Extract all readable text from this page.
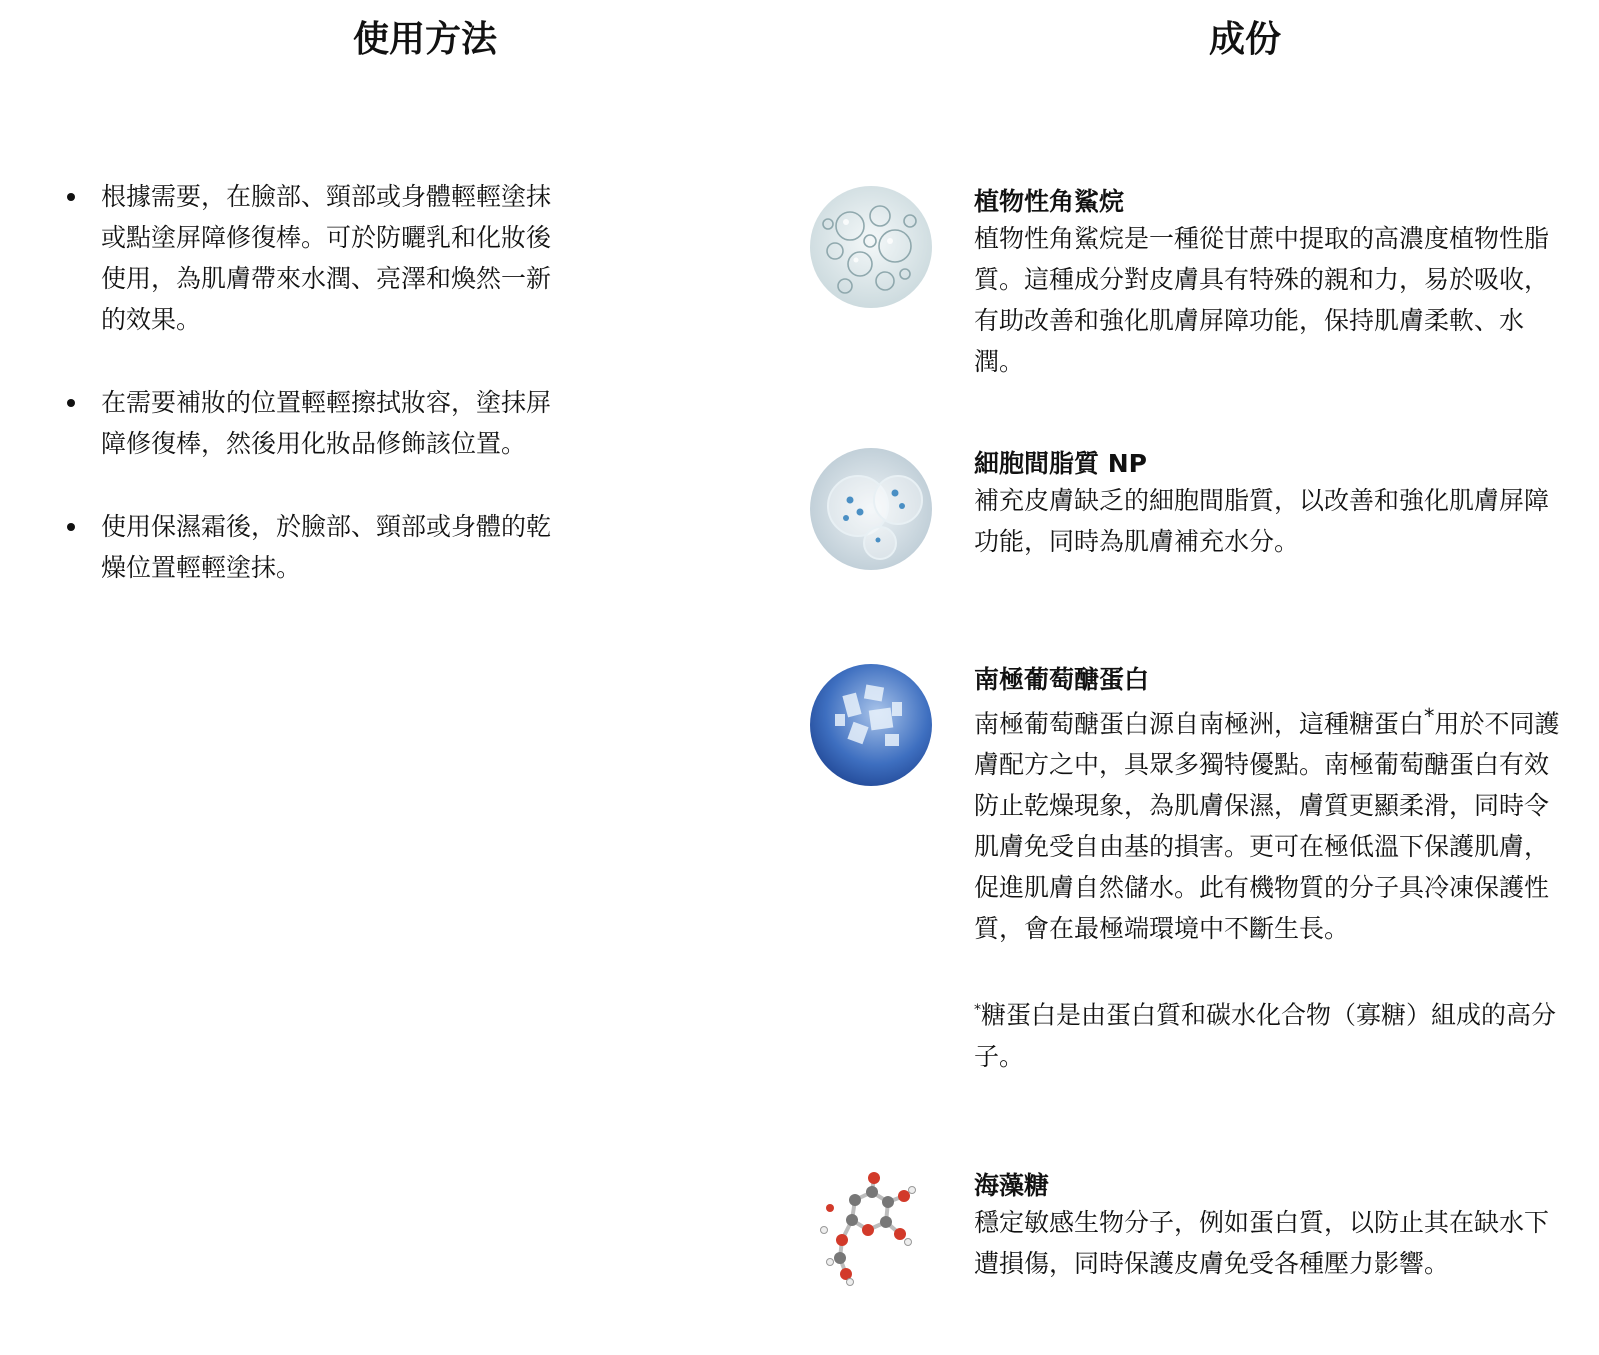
使用方法	成份
根據需要，在臉部、頸部或身體輕輕塗抹或點塗屏障修復棒。可於防曬乳和化妝後使用，為肌膚帶來水潤、亮澤和煥然一新的效果。
在需要補妝的位置輕輕擦拭妝容，塗抹屏障修復棒，然後用化妝品修飾該位置。
使用保濕霜後，於臉部、頸部或身體的乾燥位置輕輕塗抹。

植物性角鯊烷

植物性角鯊烷是一種從甘蔗中提取的高濃度植物性脂質。這種成分對皮膚具有特殊的親和力，易於吸收，有助改善和強化肌膚屏障功能，保持肌膚柔軟、水潤。

細胞間脂質 NP

補充皮膚缺乏的細胞間脂質，以改善和強化肌膚屏障功能，同時為肌膚補充水分。

南極葡萄醣蛋白

南極葡萄醣蛋白源自南極洲，這種糖蛋白*用於不同護膚配方之中，具眾多獨特優點。南極葡萄醣蛋白有效防止乾燥現象，為肌膚保濕，膚質更顯柔滑，同時令肌膚免受自由基的損害。更可在極低溫下保護肌膚，促進肌膚自然儲水。此有機物質的分子具冷凍保護性質，會在最極端環境中不斷生長。

*糖蛋白是由蛋白質和碳水化合物（寡糖）組成的高分子。

海藻糖

穩定敏感生物分子，例如蛋白質，以防止其在缺水下遭損傷，同時保護皮膚免受各種壓力影響。
